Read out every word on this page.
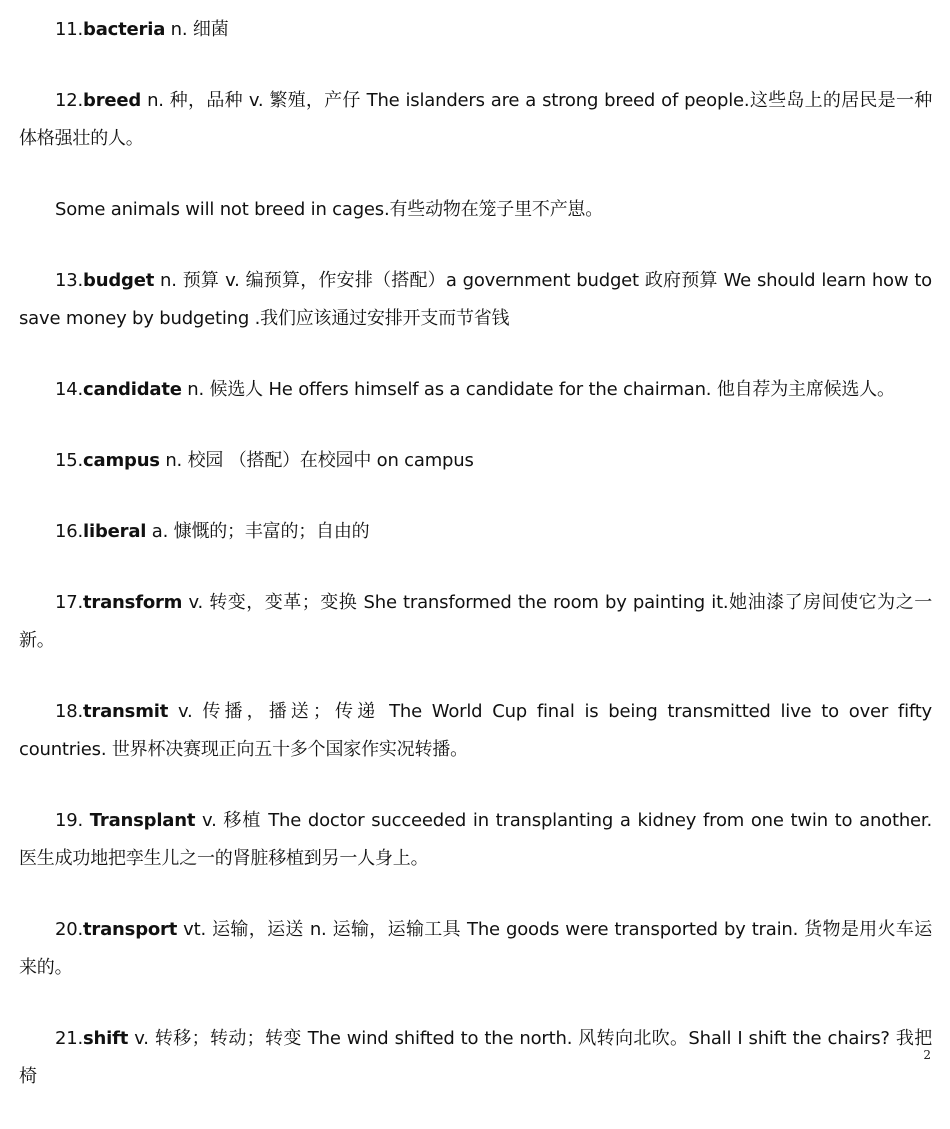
11.bacteria n. 细菌

12.breed n. 种，品种 v. 繁殖，产仔 The islanders are a strong breed of people.这些岛上的居民是一种体格强壮的人。

Some animals will not breed in cages.有些动物在笼子里不产崽。

13.budget n. 预算 v. 编预算，作安排（搭配）a government budget 政府预算 We should learn how to save money by budgeting .我们应该通过安排开支而节省钱

14.candidate n. 候选人 He offers himself as a candidate for the chairman. 他自荐为主席候选人。

15.campus n. 校园 （搭配）在校园中 on campus

16.liberal a. 慷慨的；丰富的；自由的

17.transform v. 转变，变革；变换 She transformed the room by painting it.她油漆了房间使它为之一新。

18.transmit v. 传播，播送；传递 The World Cup final is being transmitted live to over fifty countries. 世界杯决赛现正向五十多个国家作实况转播。

19. Transplant v. 移植 The doctor succeeded in transplanting a kidney from one twin to another. 医生成功地把孪生儿之一的肾脏移植到另一人身上。

20.transport vt. 运输，运送 n. 运输，运输工具 The goods were transported by train. 货物是用火车运来的。

21.shift v. 转移；转动；转变 The wind shifted to the north. 风转向北吹。Shall I shift the chairs? 我把椅

2
